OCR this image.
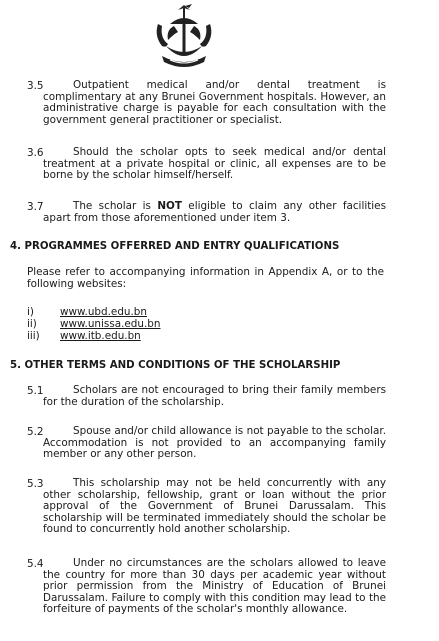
3.5	Outpatient medical and/or dental treatment is complimentary at any Brunei Government hospitals. However, an administrative charge is payable for each consultation with the government general practitioner or specialist.
3.6	Should the scholar opts to seek medical and/or dental treatment at a private hospital or clinic, all expenses are to be borne by the scholar himself/herself.
3.7	The scholar is NOT eligible to claim any other facilities apart from those aforementioned under item 3.
4. PROGRAMMES OFFERRED AND ENTRY QUALIFICATIONS
Please refer to accompanying information in Appendix A, or to the following websites:
i)	www.ubd.edu.bn
ii) www.unissa.edu.bn
iii) www.itb.edu.bn
5. OTHER TERMS AND CONDITIONS OF THE SCHOLARSHIP
5.1	Scholars are not encouraged to bring their family members for the duration of the scholarship.
5.2	Spouse and/or child allowance is not payable to the scholar. Accommodation is not provided to an accompanying family member or any other person.
5.3	This scholarship may not be held concurrently with any other scholarship, fellowship, grant or loan without the prior approval of the Government of Brunei Darussalam. This scholarship will be terminated immediately should the scholar be found to concurrently hold another scholarship.
5.4	Under no circumstances are the scholars allowed to leave the country for more than 30 days per academic year without prior permission from the Ministry of Education of Brunei Darussalam. Failure to comply with this condition may lead to the forfeiture of payments of the scholar's monthly allowance.
